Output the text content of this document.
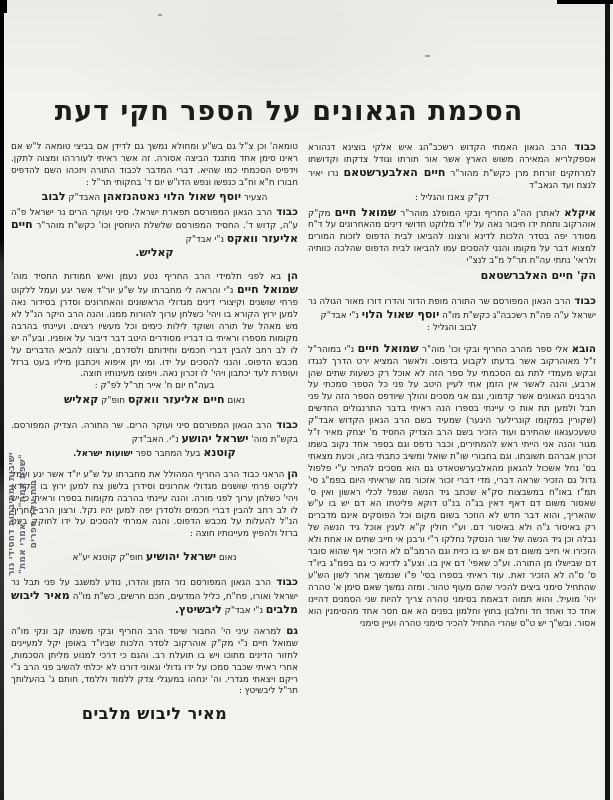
הסכמת הגאונים על הספר חקי דעת
כבוד הרב הגאון האמתי הקדוש רשכב"הג איש אלקי בוצינא דנהורא אספקלריא המאירה משוש הארץ אשר אור תורתו וגודל צדקתו וקדושתו למרחקים זורחת מרן כקש"ת מהור"ר חיים האלבערשטאם נרו יאיר לנצח ועד הגאב"ד
דק"ק צאנז והגליל :
איקלא לאתרן הה"ג החריף ובקי המופלג מוהר"ר שמואל חיים מק"ק אוהרקוב ותחת ידו חיבור נאה על יו"ד מלוקט חדושי דינים מהאחרונים על ד"ח מסודר יפה בסדר הלכות לדינא ורצונו להביאו לבית הדפוס לזכות המורים למצוא דבר על מקומו והנני להסכים עמו להביאו לבית הדפוס שהלכה כוותיה ולראי' נתתי עה"ח תר"ל מ"ב לנצ"י
הק' חיים האלברשטאם
כבוד הרב הגאון המפורסם שר התורה מופת הדור והדרו דורו מאור הגולה נר ישראל ע"ה פה"ת רשכבה"ג כקש"ת מו"ה יוסף שאול הלוי נ"י אבד"ק
לבוב והגליל :
הובא אלי ספר מהרב החריף ובקי וכו' מוה"ר שמואל חיים נ"י במוהר"ל ז"ל מאוהרקוב אשר בדעתו לקבוע בדפוס. ולאשר המציא ירט הדרך לנגדו ובקש מעמדי לתת גם הסכמתי על ספר הזה לא אוכל רק כשעות שתים שהן ארבע, והנה לאשר אין הזמן אתי לעיין היטב על פני כל הספר סמכתי על הרבנים הגאונים אשר קדמוני, וגם אני מסכים והולך שיודפס הספר הזה על פני תבל ולמען תת אות כי עיינתי בספרו הנה ראיתי בדבר התרנגולים החדשים (שקורין במקומו קונרילער היגער) שמעיד בשם הרב הגאון הקדוש אבד"ק טשעכענאוו שהתירם ועוד הזכיר בשם הרב הצדיק החסיד מ' יצחק מאיר ז"ל מגור והנה אני הייתי ראש להמתירים, וכבר נדפס וגם בספר אחד נקוב בשמו זכרון אברהם תשובתו. וגם בחבורי שו"ת שואל ומשיב כתבתי בזה, וכעת מצאתי בס' נחל אשכול להגאון מהאלבערשטאדט גם הוא מסכים להתיר ע"י פלפול גדול גם הזכיר שראה דברי, מדי דברי זכור אזכור מה שראיתי היום בפמ"ג סי' תמ"ז באו"ח במשבצות סק"א שכתב גיד הנשה שנפל לכלי ראשון ואין ס' שאסור משום דם דאף דאין בג"ה בנ"ט דוקא פליטתו הא דם יש בו ע"ש שהאריך, והוא דבר חדש לא הוזכר בשום מקום וכל הפוסקים אינם מדברים רק באיסור ג"ה ולא באיסור דם. וע"י חולין ק"א לענין אוכל גיד הנשה של נבלה וכן גיד הנשה של שור הנסקל נחלקו ר"י ורבנן אי חייב שתים או אחת ולא הזכירו אי חייב משום דם אם יש בו כזית וגם הרמב"ם לא הזכיר אף שהוא סובר דם שבישלו מן התורה. וע"כ שאפי' דם אין בו. וצע"ג לדינא כי גם בפמ"ג ביו"ד ס' ס"ה לא הזכיר זאת. עוד ראיתי בספרו בסי' פ"ו שנמשך אחר לשון הש"ע שהתחיל סימני ביצים להכיר שהם מעוף טהור. ומזה נמשך שאם סימן א' טהרה יהי' מועיל. והוא תמוה דבאמת בסימני טהרה צריך להיות שני הסמנים דהיינו אחד כד ואחד חד וחלבון בחוץ וחלמון בפנים הא אם חסר אחד מהסימנין הוא אסור. ובש"ך יש ט"ס שהרי התחיל להכיר סימני טהרה ועיין סימני
טומאה' וכן צ"ל גם בש"ע ומחולא נמשך גם לדידן אם בביצי טומאה ל"ש אם ראינו סימן אחד מתנגד הביצה אסורה. זה אשר ראיתי לעוררהו ומצוה לתקן. וידפיס הסכמתי כמו שהיא. דברי המדבר לכבוד התורה ויזכהו השם להדפיס חבורו ח"א וח"ב כנפשו ונפש הדו"ש יום ד' בחקותי תר"ל :
הצעיר יוסף שאול הלוי נאטהנזאהן האבד"ק לבוב
כבוד הרב הגאון המפורסם תפארת ישראל. סיני ועוקר הרים נר ישראל פ"ה ע"ה, קדוש ד'. החסיד המפורסם שלשלת היוחסין וכו' כקש"ת מוהר"ר חיים אליעזר וואקס נ"י אבד"ק
קאליש.
הן בא לפני תלמידי הרב החריף נטע נעמן ואיש חמודות החסיד מוה' שמואל חיים נ"י והראה לי מחברתו על ש"ע יור"ד אשר יגע ועמל ללקוט פרחי שושנים וקיצורי דינים מגדולי הראשונים והאחרונים וסדרן בסידור נאה למען ירוץ הקורא בו ויהי' כשלחן ערוך להורות ממנו. והנה הרב היקר הנ"ל לא מש מאהל של תורה ושוקד לילות כימים וכל מעשיו רצוים. ועיינתי בהרבה מקומות מספרו וראיתי בו דבריו מסודרים היטב דבר דיבור על אופניו. ובע"ה יש לו לב רחב להבין דברי חכמים וחידותם ולסדרם, ורצונו להביא הדברים על מכבש הדפוס. והנני להסכים על ידו. ומי יתן איפוא ויכתבון מיליו בעט ברזל ועופרת לעד יכתבון ויהי' לו זכרון נאה. ויפוצו מעינותיו חוצה.
בעה"ח יום ח' אייר תר"ל לפ"ק :
נאום חיים אליעזר וואקס חופ"ק קאליש
כבוד הרב הגאון המפורסם סיני ועוקר הרים. שר התורה. הצדיק המפורסם. בקש"ת מוה' ישראל יהושע נ"י. האב"דק
קוטנא בעל המחבר ספר ישועות ישראל.
הן הראני כבוד הרב החריף המהולל את מחברתו על ש"ע יו"ד אשר יגע ועמל ללקוט פרחי שושנים מגדולי אחרונים וסידרן בלשון צח למען ירוץ בו הקורא ויהי' כשלחן ערוך לפני מורה. והנה עיינתי בהרבה מקומות בספרו וראיתי כי יש לו לב רחב להבין דברי חכמים ולסדרן יפה למען יהיו נקל. ורצון הרב החריף הנ"ל להעלות על מכבש הדפוס. והנה אמרתי להסכים על ידו לחוקק בעט ברזל ולהפיץ מעיינותיו חוצה :
נאום ישראל יהושיע חופ"ק קוטנא יע"א
כבוד הרב הגאון המפורסם נזר הזמן והדרו, נודע למשגב על פני תבל נר ישראל ואורו, פח"ח, כליל המדעים, חכם חרשים, כש"ת מו"ה מאיר ליבוש מלבים נ"י אבד"ק ליבשיטץ.
גם למראה עיני הי' החבור שיסד הרב החריף ובקי משנתו קב ונקי מו"ה שמואל חיים נ"י מק"ק אוהרקוב לסדר הלכות שביו"ד באופן יקל למעיינים לחזור הדינים מתוכו ויש בו תועלת רב. והגם כי דרכי למנוע מליתן הסכמות, אחרי ראיתי שכבר סמכו על ידו גדולי וגאוני דורנו לא יכלתי להשיב פני הרב נ"י ריקם ויצאתי מגדרי. וה' ינחהו במעגלי צדק ללמוד וללמד, חותם ג' בהעלותך תר"ל ליבשיטץ :
מאיר ליבוש מלבים
ישיבות ומתיבתות דחסידי גור "שפת אמת" - "אמרי אמת" בית עקד ספרים
